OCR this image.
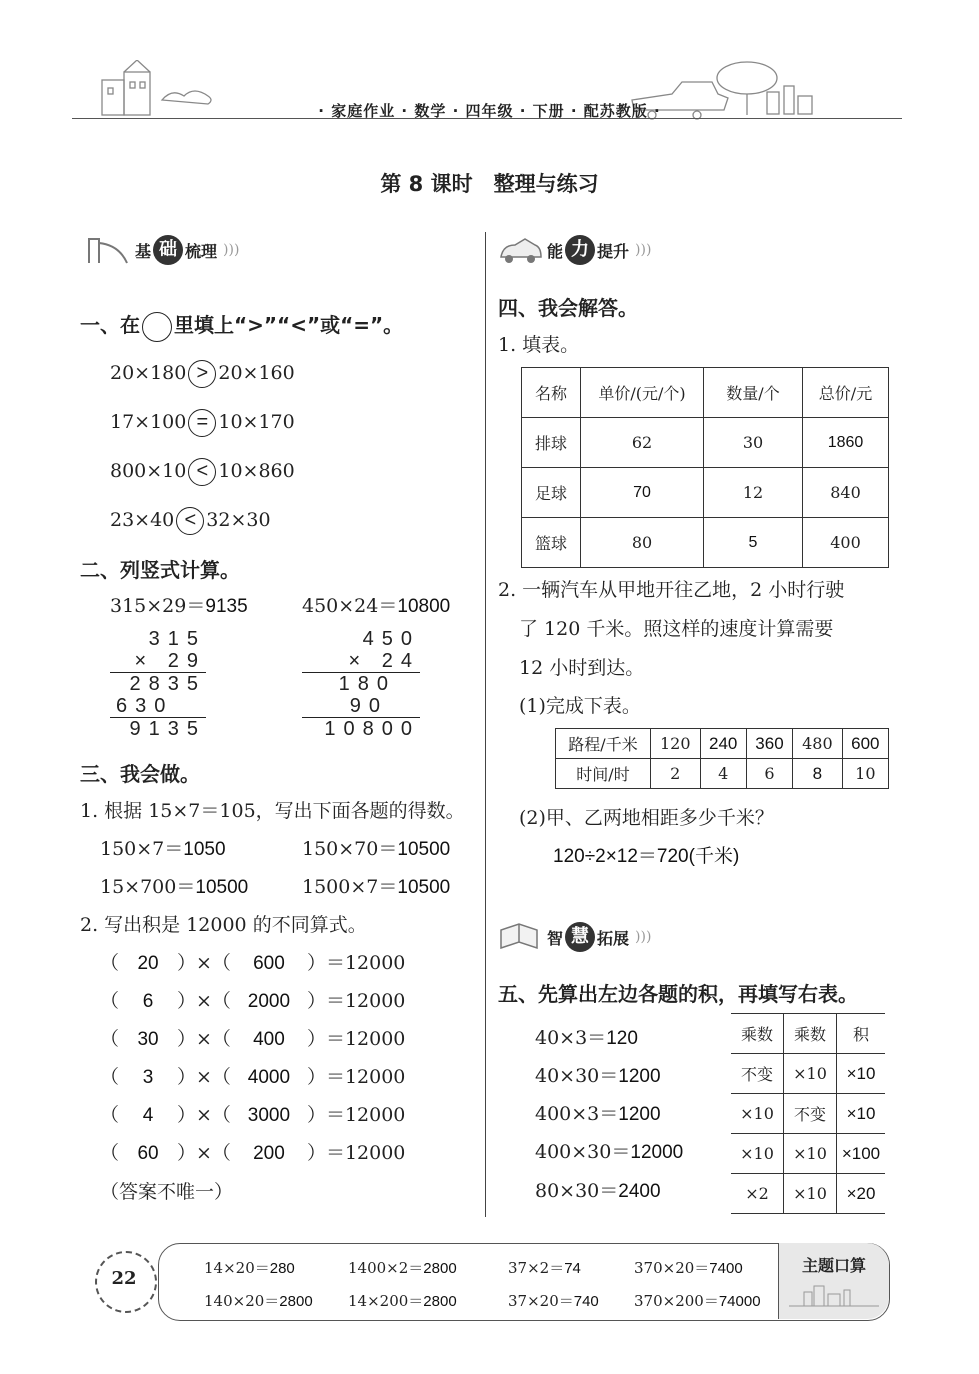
· 家庭作业 · 数学 · 四年级 · 下册 · 配苏教版 ·
第 8 课时　整理与练习
基 础 梳理 )))
一、在 里填上“>”“<”或“=”。
20×180 > 20×160
17×100 = 10×170
800×10 < 10×860
23×40 < 32×30
二、列竖式计算。
315×29＝9135	450×24＝10800
315
× 29
2835
630
9135
450
× 24
180
90
10800
三、我会做。
1. 根据 15×7＝105，写出下面各题的得数。
150×7＝1050	150×70＝10500
15×700＝10500	1500×7＝10500
2. 写出积是 12000 的不同算式。
（ 20 ）×（ 600 ）＝12000
（ 6 ）×（ 2000 ）＝12000
（ 30 ）×（ 400 ）＝12000
（ 3 ）×（ 4000 ）＝12000
（ 4 ）×（ 3000 ）＝12000
（ 60 ）×（ 200 ）＝12000
（答案不唯一）
能 力 提升 )))
四、我会解答。
1. 填表。
名称	单价/(元/个)	数量/个	总价/元
排球	62	30	1860
足球	70	12	840
篮球	80	5	400
2. 一辆汽车从甲地开往乙地，2 小时行驶
了 120 千米。照这样的速度计算需要
12 小时到达。
(1)完成下表。
路程/千米	120	240	360	480	600
时间/时	2	4	6	8	10
(2)甲、乙两地相距多少千米？
120÷2×12＝720(千米)
智 慧 拓展 )))
五、先算出左边各题的积，再填写右表。
40×3＝120
40×30＝1200
400×3＝1200
400×30＝12000
80×30＝2400
乘数	乘数	积
不变	×10	×10
×10	不变	×10
×10	×10	×100
×2	×10	×20
22
主题口算
14×20＝280	1400×2＝2800	37×2＝74	370×20＝7400
140×20＝2800 14×200＝2800	37×20＝740 370×200＝74000
